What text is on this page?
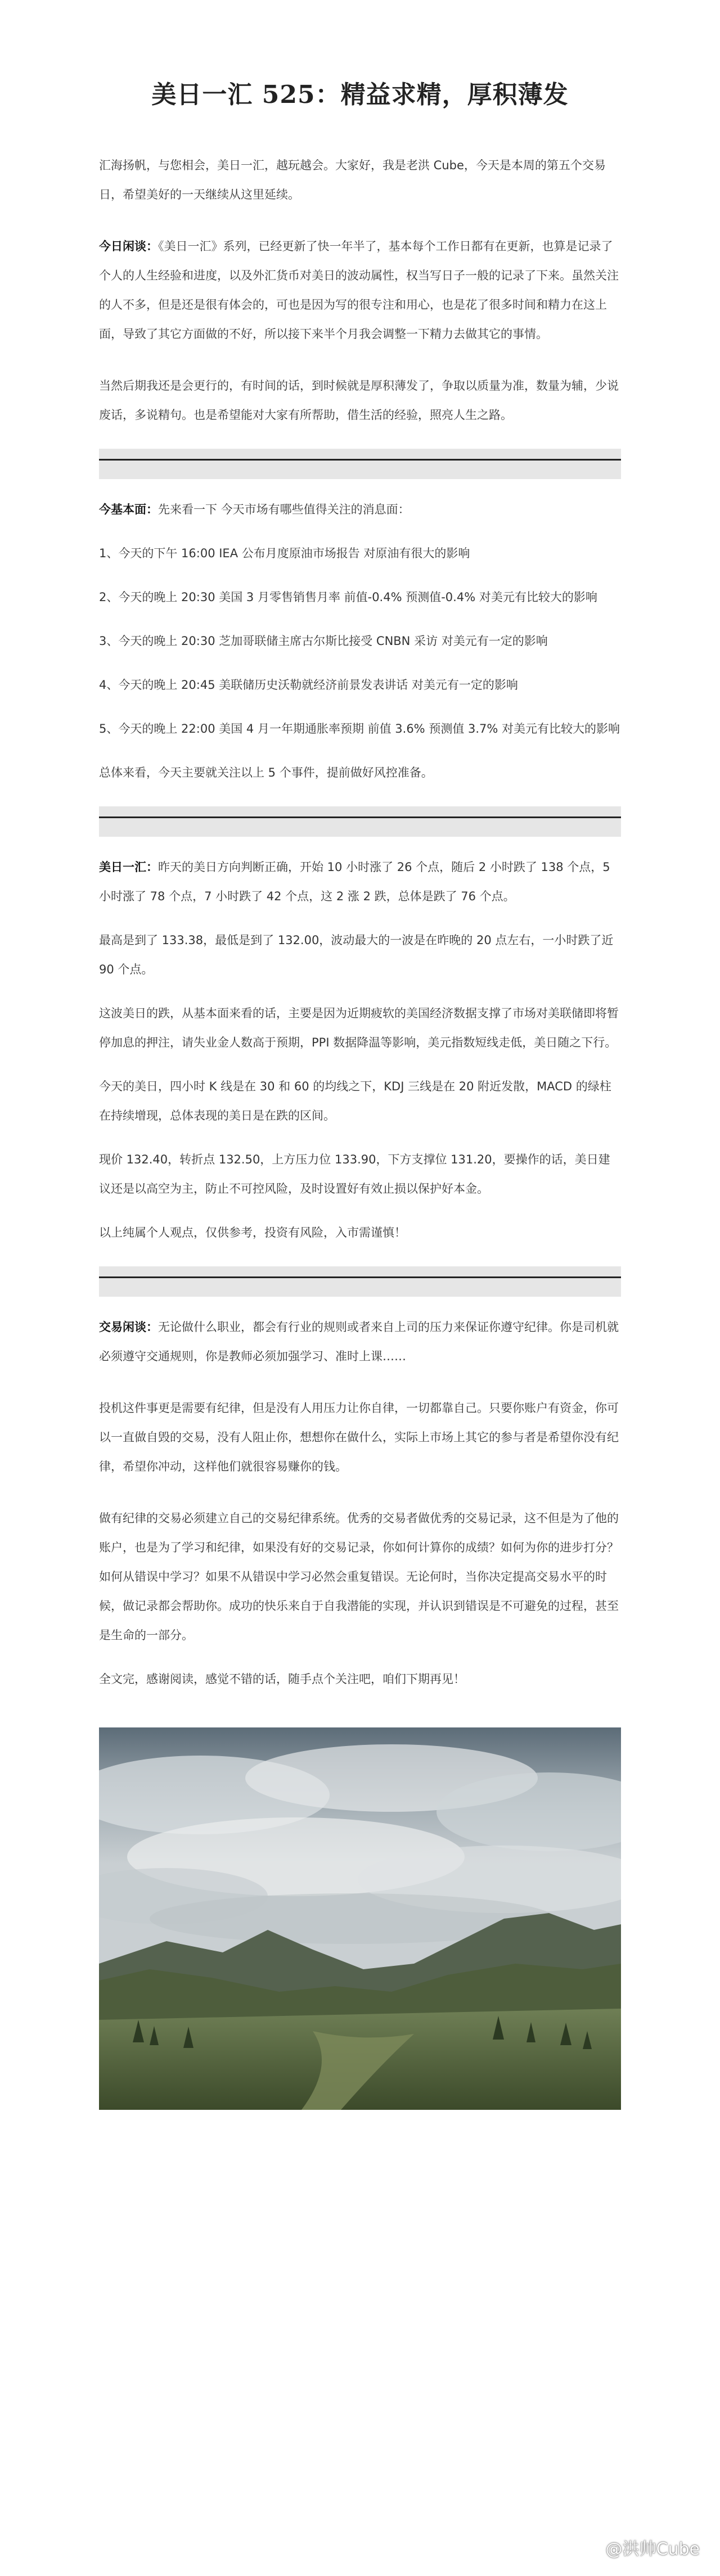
美日一汇 525：精益求精，厚积薄发

汇海扬帆，与您相会，美日一汇，越玩越会。大家好，我是老洪 Cube，今天是本周的第五个交易日，希望美好的一天继续从这里延续。

今日闲谈：《美日一汇》系列，已经更新了快一年半了，基本每个工作日都有在更新，也算是记录了个人的人生经验和进度，以及外汇货币对美日的波动属性，权当写日子一般的记录了下来。虽然关注的人不多，但是还是很有体会的，可也是因为写的很专注和用心，也是花了很多时间和精力在这上面，导致了其它方面做的不好，所以接下来半个月我会调整一下精力去做其它的事情。

当然后期我还是会更行的，有时间的话，到时候就是厚积薄发了，争取以质量为准，数量为辅，少说废话，多说精句。也是希望能对大家有所帮助，借生活的经验，照亮人生之路。

今基本面：先来看一下 今天市场有哪些值得关注的消息面：

1、今天的下午 16:00 IEA 公布月度原油市场报告 对原油有很大的影响

2、今天的晚上 20:30 美国 3 月零售销售月率 前值-0.4% 预测值-0.4% 对美元有比较大的影响

3、今天的晚上 20:30 芝加哥联储主席古尔斯比接受 CNBN 采访 对美元有一定的影响

4、今天的晚上 20:45 美联储历史沃勒就经济前景发表讲话 对美元有一定的影响

5、今天的晚上 22:00 美国 4 月一年期通胀率预期 前值 3.6% 预测值 3.7% 对美元有比较大的影响

总体来看，今天主要就关注以上 5 个事件，提前做好风控准备。

美日一汇：昨天的美日方向判断正确，开始 10 小时涨了 26 个点，随后 2 小时跌了 138 个点，5 小时涨了 78 个点，7 小时跌了 42 个点，这 2 涨 2 跌，总体是跌了 76 个点。

最高是到了 133.38，最低是到了 132.00，波动最大的一波是在昨晚的 20 点左右，一小时跌了近 90 个点。

这波美日的跌，从基本面来看的话，主要是因为近期疲软的美国经济数据支撑了市场对美联储即将暂停加息的押注，请失业金人数高于预期，PPI 数据降温等影响，美元指数短线走低，美日随之下行。

今天的美日，四小时 K 线是在 30 和 60 的均线之下，KDJ 三线是在 20 附近发散，MACD 的绿柱在持续增现，总体表现的美日是在跌的区间。

现价 132.40，转折点 132.50，上方压力位 133.90，下方支撑位 131.20，要操作的话，美日建议还是以高空为主，防止不可控风险，及时设置好有效止损以保护好本金。

以上纯属个人观点，仅供参考，投资有风险，入市需谨慎！

交易闲谈：无论做什么职业，都会有行业的规则或者来自上司的压力来保证你遵守纪律。你是司机就必须遵守交通规则，你是教师必须加强学习、准时上课……

投机这件事更是需要有纪律，但是没有人用压力让你自律，一切都靠自己。只要你账户有资金，你可以一直做自毁的交易，没有人阻止你，想想你在做什么，实际上市场上其它的参与者是希望你没有纪律，希望你冲动，这样他们就很容易赚你的钱。

做有纪律的交易必须建立自己的交易纪律系统。优秀的交易者做优秀的交易记录，这不但是为了他的账户，也是为了学习和纪律，如果没有好的交易记录，你如何计算你的成绩？如何为你的进步打分？如何从错误中学习？如果不从错误中学习必然会重复错误。无论何时，当你决定提高交易水平的时候，做记录都会帮助你。成功的快乐来自于自我潜能的实现，并认识到错误是不可避免的过程，甚至是生命的一部分。

全文完，感谢阅读，感觉不错的话，随手点个关注吧，咱们下期再见！

@洪帅Cube
